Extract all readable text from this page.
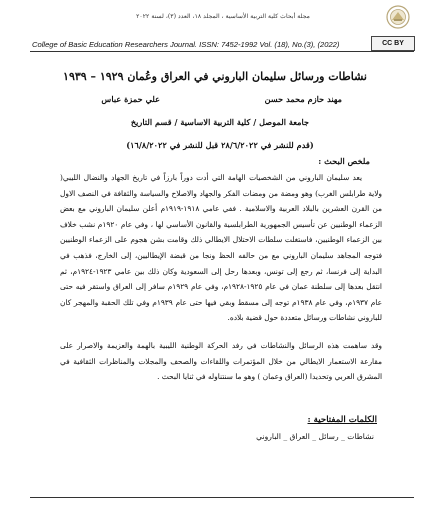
مجلة أبحاث كلية التربية الأساسية ، المجلد ١٨، العدد (٣)، لسنة ٢٠٢٢
College of Basic Education Researchers Journal. ISSN: 7452-1992 Vol. (18), No.(3), (2022)	CC BY
نشاطات ورسائل سليمان الباروني في العراق وعُمان ١٩٢٩ – ١٩٣٩
مهند حازم محمد حسن
علي حمزة عباس
جامعة الموصل / كلية التربية الاساسية / قسم التاريخ
(قدم للنشر في ٢٨/٦/٢٠٢٢ قبل للنشر في ١٦/٨/٢٠٢٢)
ملخص البحث :

يعد سليمان الباروني من الشخصيات الهامة التي أدت دوراً بارزاً في تاريخ الجهاد والنضال الليبي( ولاية طرابلس الغرب) وهو ومضة من ومضات الفكر والجهاد والاصلاح والسياسة والثقافة في النصف الاول من القرن العشرين بالبلاد العربية والاسلامية . ففي عامي ١٩١٨-١٩١٩م أعلن سليمان الباروني مع بعض الزعماء الوطنيين عن تأسيس الجمهورية الطرابلسية والقانون الأساسي لها ، وفي عام ١٩٢٠م نشب خلاف بين الزعماء الوطنيين، فاستغلت سلطات الاحتلال الايطالي ذلك وقامت بشن هجوم على الزعماء الوطنيين فتوجه المجاهد سليمان الباروني مع من حالفه الحظ ونجا من قبضة الإيطاليين، إلى الخارج، فذهب في البداية إلى فرنسا، ثم رجع إلى تونس، وبعدها رحل إلى السعودية وكان ذلك بين عامي ١٩٢٣-١٩٢٤م، ثم انتقل بعدها إلى سلطنة عمان في عام ١٩٢٥-١٩٢٨م، وفي عام ١٩٢٩م سافر إلى العراق واستقر فيه حتى عام ١٩٣٧م، وفي عام ١٩٣٨م توجه إلى مسقط وبقي فيها حتى عام ١٩٣٩م وفي تلك الحقبة والمهجر كان للباروني نشاطات ورسائل متعددة حول قضية بلاده.

وقد ساهمت هذه الرسائل والنشاطات في رفد الحركة الوطنية الليبية بالهمة والعزيمة والاصرار على مقارعة الاستعمار الايطالي من خلال المؤتمرات واللقاءات والصحف والمجلات والمناظرات الثقافية في المشرق العربي وتحديدا (العراق وعمان ) وهو ما سنتناوله في ثنايا البحث .

الكلمات المفتاحية :
نشاطات _ رسائل _ العراق _ الباروني
